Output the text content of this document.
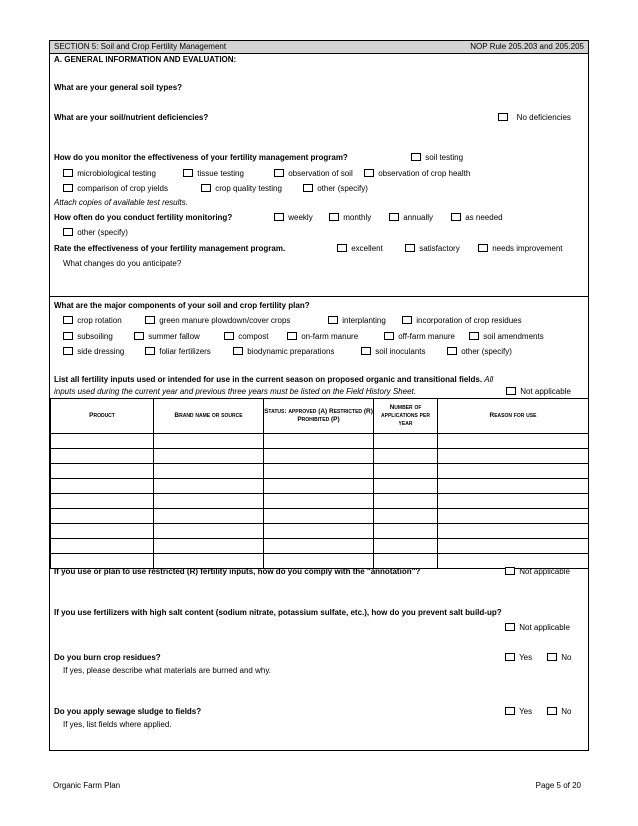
SECTION 5: Soil and Crop Fertility Management	NOP Rule 205.203 and 205.205
A. GENERAL INFORMATION AND EVALUATION:
What are your general soil types?
What are your soil/nutrient deficiencies?	No deficiencies
How do you monitor the effectiveness of your fertility management program?	soil testing
microbiological testing	tissue testing	observation of soil	observation of crop health
comparison of crop yields	crop quality testing	other (specify)
Attach copies of available test results.
How often do you conduct fertility monitoring?	weekly	monthly	annually	as needed
other (specify)
Rate the effectiveness of your fertility management program.	excellent	satisfactory	needs improvement
What changes do you anticipate?
What are the major components of your soil and crop fertility plan?
crop rotation	green manure plowdown/cover crops	interplanting	incorporation of crop residues
subsoiling	summer fallow	compost	on-farm manure	off-farm manure	soil amendments
side dressing	foliar fertilizers	biodynamic preparations	soil inoculants	other (specify)
List all fertility inputs used or intended for use in the current season on proposed organic and transitional fields. All
inputs used during the current year and previous three years must be listed on the Field History Sheet.	Not applicable
Product	Brand name or source	Status: approved (A) Restricted (R) Prohibited (P)	Number of applications per year	Reason for use

If you use or plan to use restricted (R) fertility inputs, how do you comply with the "annotation"?	Not applicable
If you use fertilizers with high salt content (sodium nitrate, potassium sulfate, etc.), how do you prevent salt build-up?
Not applicable
Do you burn crop residues?
If yes, please describe what materials are burned and why.
Yes	No
Do you apply sewage sludge to fields?
If yes, list fields where applied.
Yes	No
Organic Farm Plan	Page 5 of 20
